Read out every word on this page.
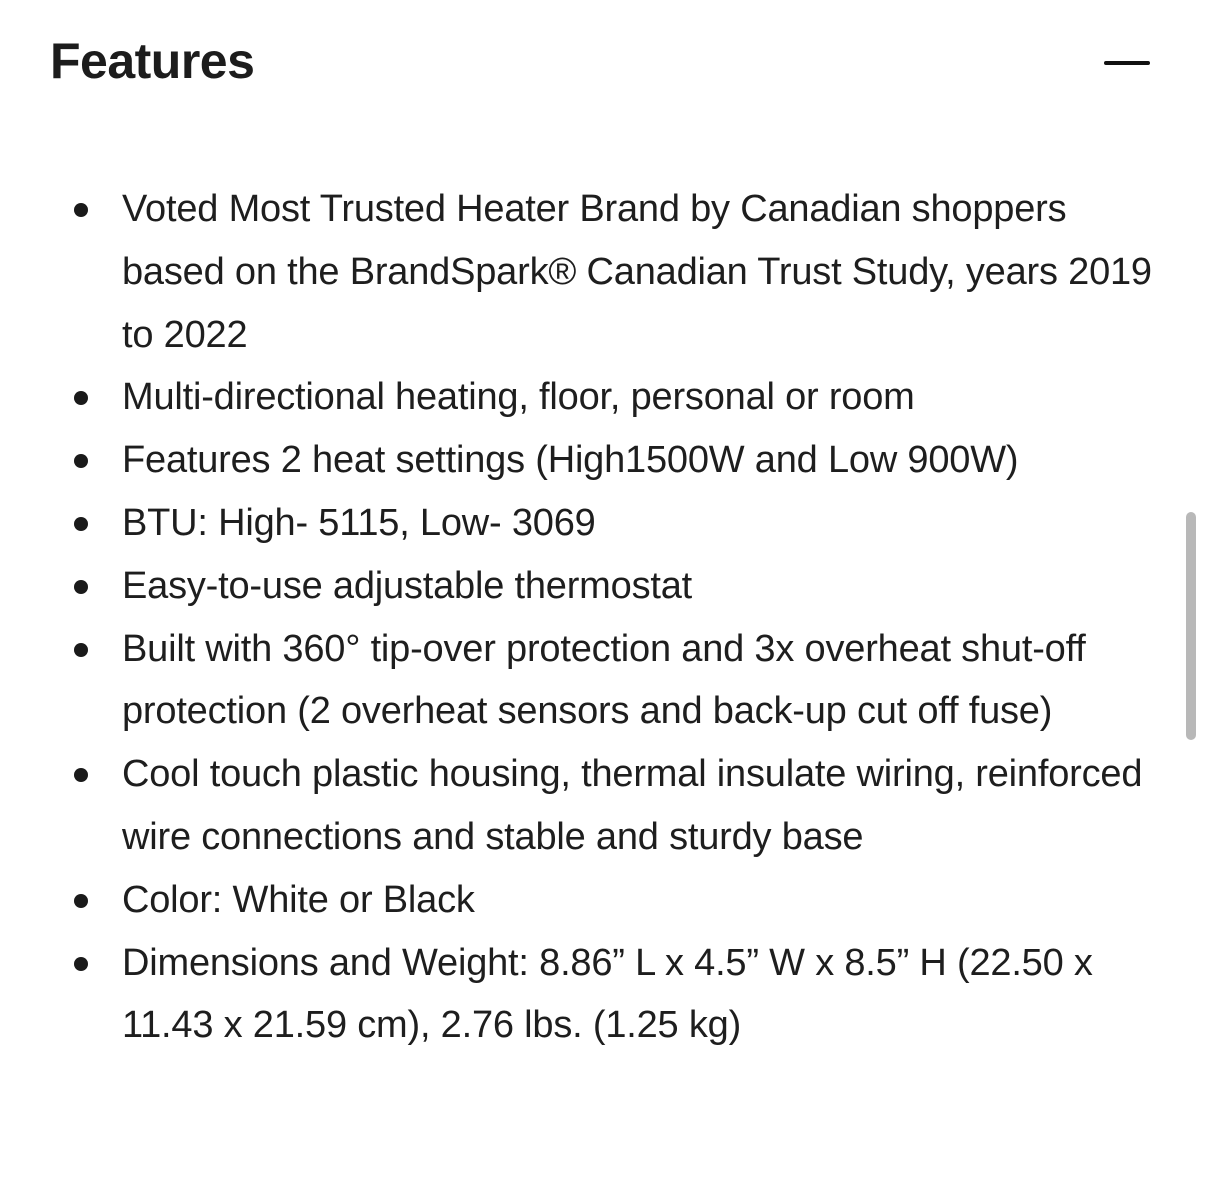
Features
Voted Most Trusted Heater Brand by Canadian shoppers based on the BrandSpark® Canadian Trust Study, years 2019 to 2022
Multi-directional heating, floor, personal or room
Features 2 heat settings (High1500W and Low 900W)
BTU: High- 5115, Low- 3069
Easy-to-use adjustable thermostat
Built with 360° tip-over protection and 3x overheat shut-off protection (2 overheat sensors and back-up cut off fuse)
Cool touch plastic housing, thermal insulate wiring, reinforced wire connections and stable and sturdy base
Color: White or Black
Dimensions and Weight: 8.86” L x 4.5” W x 8.5” H (22.50 x 11.43 x 21.59 cm), 2.76 lbs. (1.25 kg)
